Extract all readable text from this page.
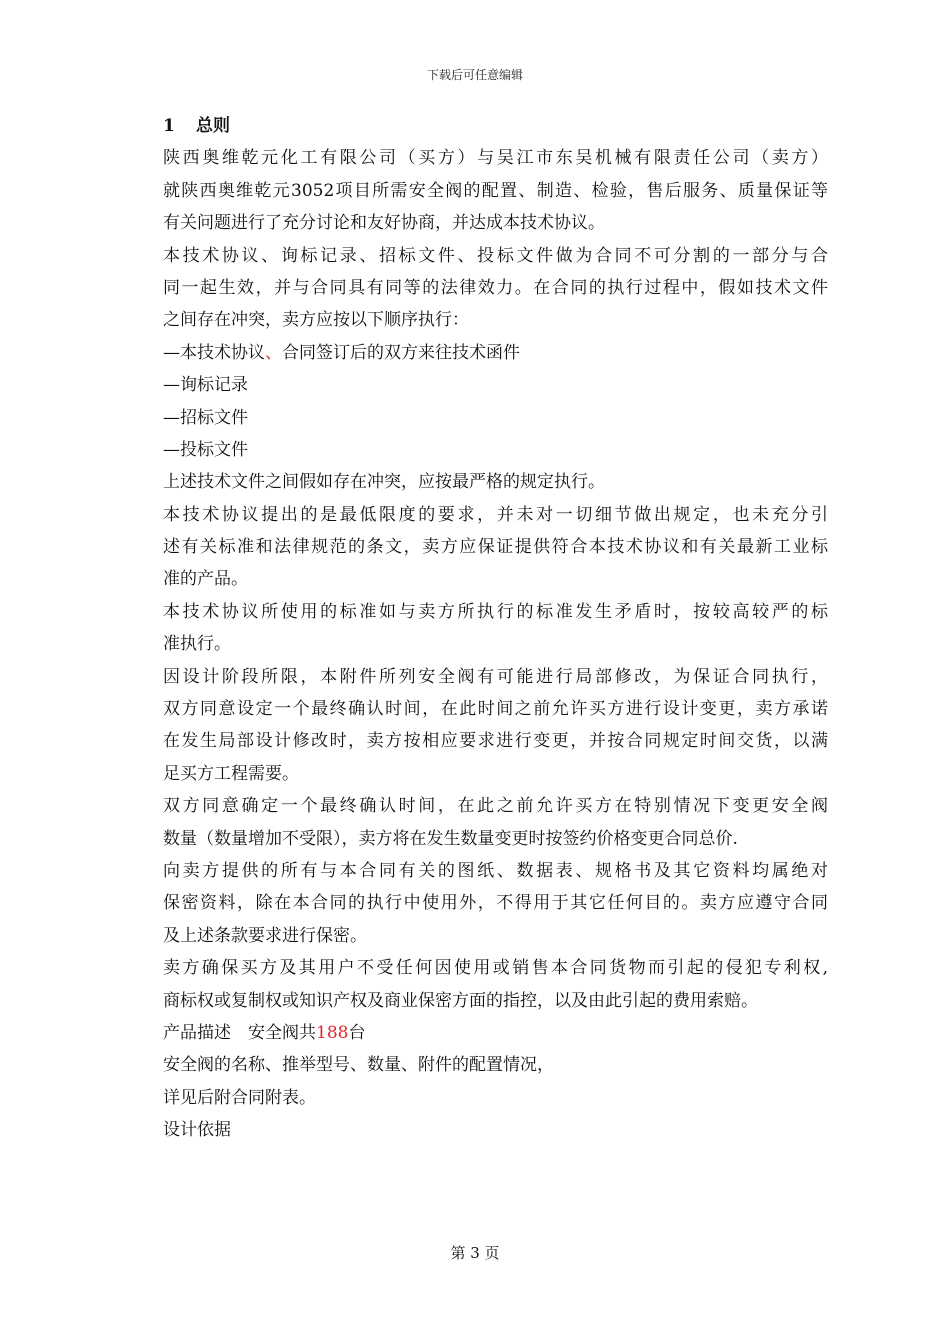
下载后可任意编辑
1 总则
陕西奥维乾元化工有限公司（买方）与吴江市东吴机械有限责任公司（卖方）
就陕西奥维乾元3052项目所需安全阀的配置、制造、检验，售后服务、质量保证等
有关问题进行了充分讨论和友好协商，并达成本技术协议。
本技术协议、询标记录、招标文件、投标文件做为合同不可分割的一部分与合
同一起生效，并与合同具有同等的法律效力。在合同的执行过程中，假如技术文件
之间存在冲突，卖方应按以下顺序执行：
—本技术协议、合同签订后的双方来往技术函件
—询标记录
—招标文件
—投标文件
上述技术文件之间假如存在冲突，应按最严格的规定执行。
本技术协议提出的是最低限度的要求，并未对一切细节做出规定，也未充分引
述有关标准和法律规范的条文，卖方应保证提供符合本技术协议和有关最新工业标
准的产品。
本技术协议所使用的标准如与卖方所执行的标准发生矛盾时，按较高较严的标
准执行。
因设计阶段所限，本附件所列安全阀有可能进行局部修改，为保证合同执行，
双方同意设定一个最终确认时间，在此时间之前允许买方进行设计变更，卖方承诺
在发生局部设计修改时，卖方按相应要求进行变更，并按合同规定时间交货，以满
足买方工程需要。
双方同意确定一个最终确认时间，在此之前允许买方在特别情况下变更安全阀
数量（数量增加不受限），卖方将在发生数量变更时按签约价格变更合同总价.
向卖方提供的所有与本合同有关的图纸、数据表、规格书及其它资料均属绝对
保密资料，除在本合同的执行中使用外，不得用于其它任何目的。卖方应遵守合同
及上述条款要求进行保密。
卖方确保买方及其用户不受任何因使用或销售本合同货物而引起的侵犯专利权,
商标权或复制权或知识产权及商业保密方面的指控，以及由此引起的费用索赔。
产品描述　安全阀共188台
安全阀的名称、推举型号、数量、附件的配置情况，
详见后附合同附表。
设计依据
第 3 页
